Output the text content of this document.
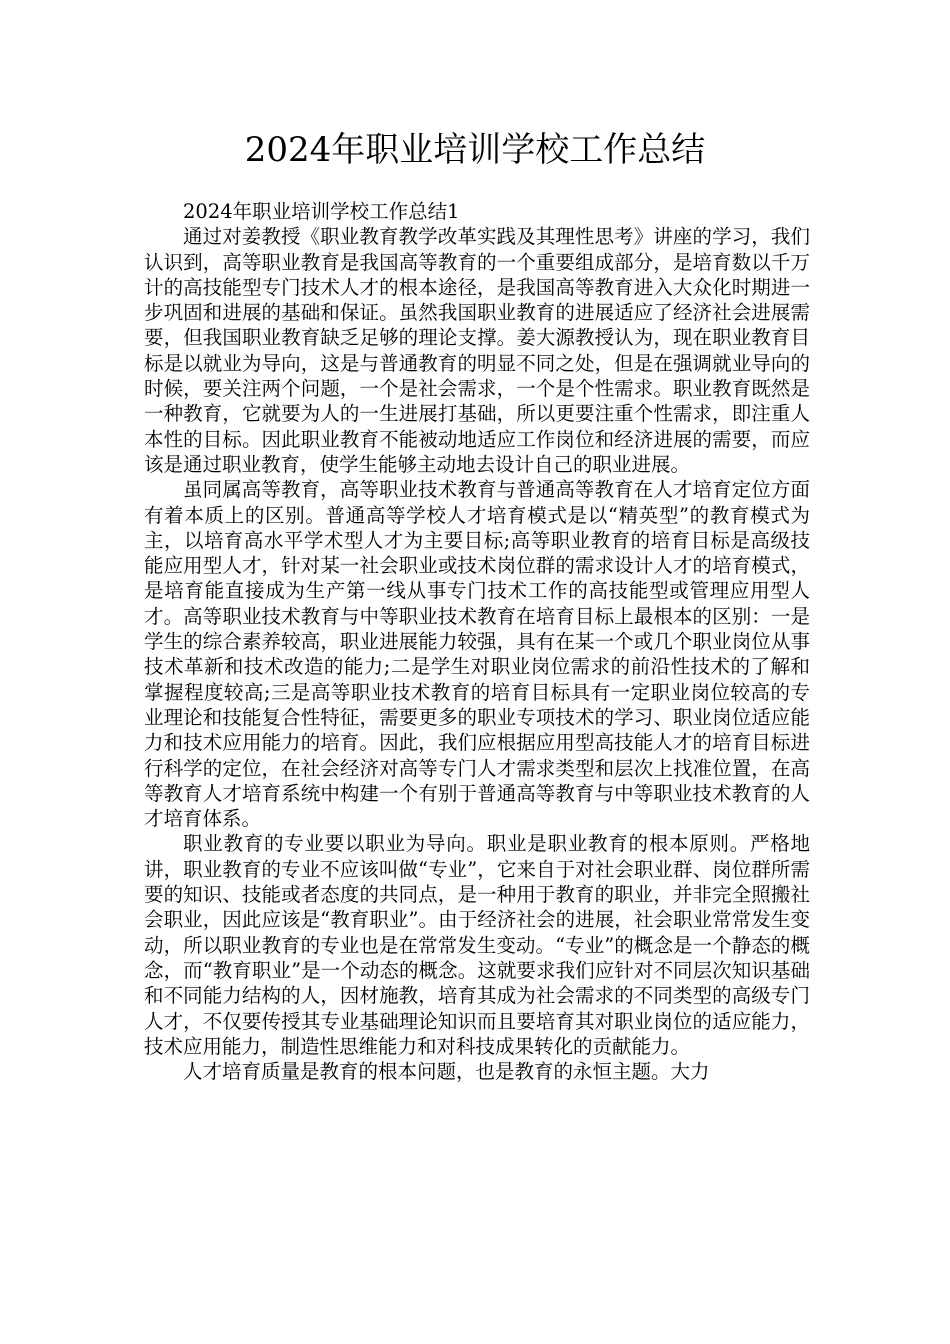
2024年职业培训学校工作总结

2024年职业培训学校工作总结1

通过对姜教授《职业教育教学改革实践及其理性思考》讲座的学习，我们认识到，高等职业教育是我国高等教育的一个重要组成部分，是培育数以千万计的高技能型专门技术人才的根本途径，是我国高等教育进入大众化时期进一步巩固和进展的基础和保证。虽然我国职业教育的进展适应了经济社会进展需要，但我国职业教育缺乏足够的理论支撑。姜大源教授认为，现在职业教育目标是以就业为导向，这是与普通教育的明显不同之处，但是在强调就业导向的时候，要关注两个问题，一个是社会需求，一个是个性需求。职业教育既然是一种教育，它就要为人的一生进展打基础，所以更要注重个性需求，即注重人本性的目标。因此职业教育不能被动地适应工作岗位和经济进展的需要，而应该是通过职业教育，使学生能够主动地去设计自己的职业进展。

虽同属高等教育，高等职业技术教育与普通高等教育在人才培育定位方面有着本质上的区别。普通高等学校人才培育模式是以“精英型”的教育模式为主，以培育高水平学术型人才为主要目标;高等职业教育的培育目标是高级技能应用型人才，针对某一社会职业或技术岗位群的需求设计人才的培育模式，是培育能直接成为生产第一线从事专门技术工作的高技能型或管理应用型人才。高等职业技术教育与中等职业技术教育在培育目标上最根本的区别：一是学生的综合素养较高，职业进展能力较强，具有在某一个或几个职业岗位从事技术革新和技术改造的能力;二是学生对职业岗位需求的前沿性技术的了解和掌握程度较高;三是高等职业技术教育的培育目标具有一定职业岗位较高的专业理论和技能复合性特征，需要更多的职业专项技术的学习、职业岗位适应能力和技术应用能力的培育。因此，我们应根据应用型高技能人才的培育目标进行科学的定位，在社会经济对高等专门人才需求类型和层次上找准位置，在高等教育人才培育系统中构建一个有别于普通高等教育与中等职业技术教育的人才培育体系。

职业教育的专业要以职业为导向。职业是职业教育的根本原则。严格地讲，职业教育的专业不应该叫做“专业”，它来自于对社会职业群、岗位群所需要的知识、技能或者态度的共同点，是一种用于教育的职业，并非完全照搬社会职业，因此应该是“教育职业”。由于经济社会的进展，社会职业常常发生变动，所以职业教育的专业也是在常常发生变动。“专业”的概念是一个静态的概念，而“教育职业”是一个动态的概念。这就要求我们应针对不同层次知识基础和不同能力结构的人，因材施教，培育其成为社会需求的不同类型的高级专门人才，不仅要传授其专业基础理论知识而且要培育其对职业岗位的适应能力，技术应用能力，制造性思维能力和对科技成果转化的贡献能力。

人才培育质量是教育的根本问题，也是教育的永恒主题。大力
